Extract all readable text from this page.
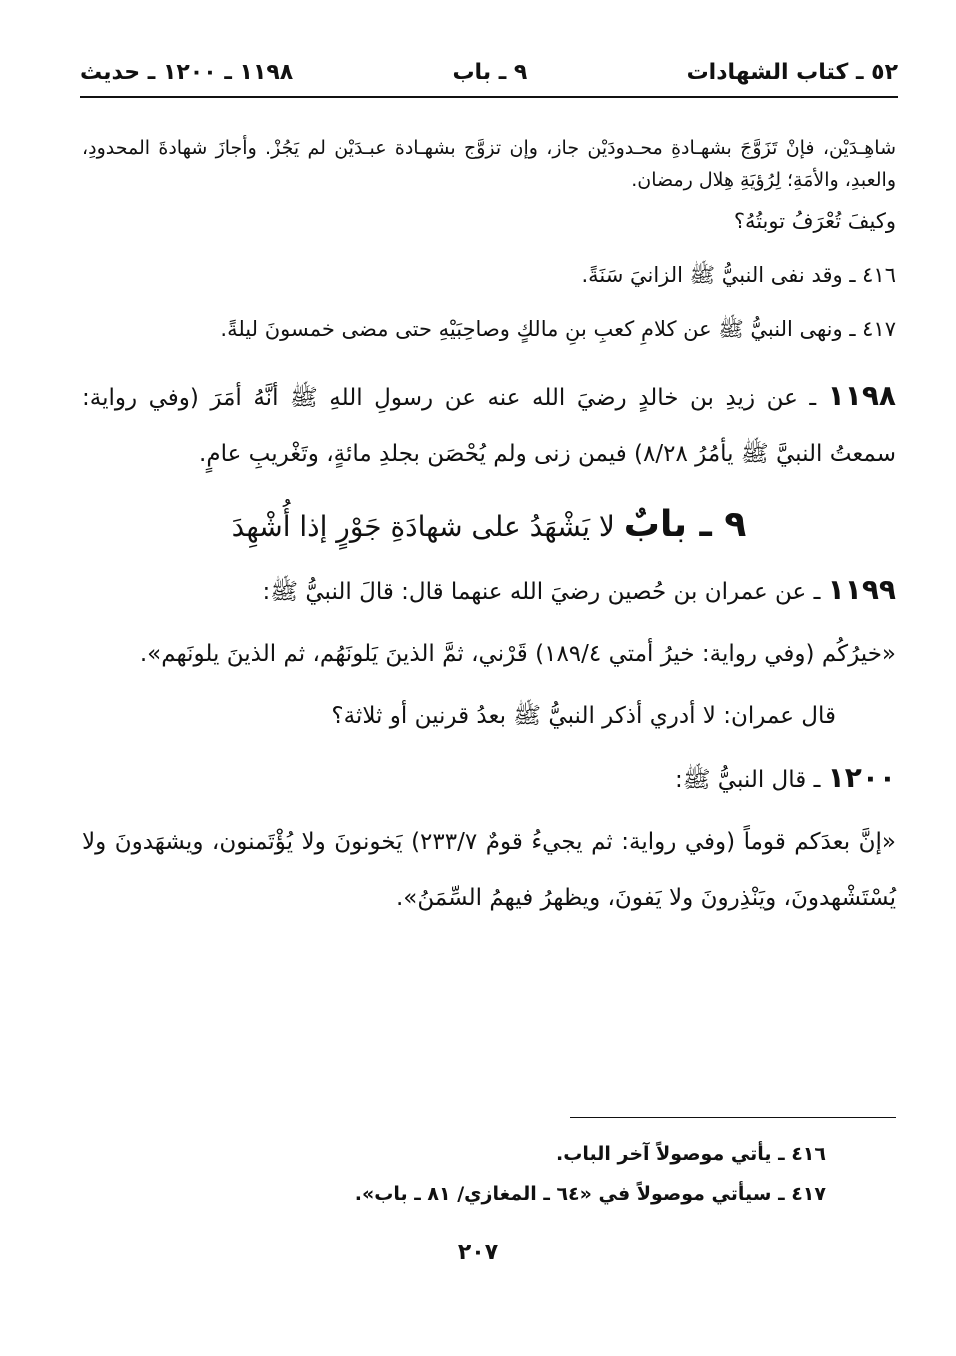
٥٢ ـ كتاب الشهادات
٩ ـ باب
١١٩٨ ـ ١٢٠٠ ـ حديث

شاهِـدَيْن، فإنْ تَزَوَّجَ بشهـادةِ محـدودَيْن جاز، وإن تزوَّج بشهـادة عبـدَيْن لم يَجُزْ. وأجازَ شهادةَ المحدودِ، والعبدِ، والأمَةِ؛ لِرُؤيَةِ هِلال رمضان.

وكيفَ تُعْرَفُ توبتُهُ؟

٤١٦ ـ وقد نفى النبيُّ ﷺ الزانيَ سَنَةً.

٤١٧ ـ ونهى النبيُّ ﷺ عن كلامِ كعبِ بنِ مالكٍ وصاحِبَيْهِ حتى مضى خمسونَ ليلةً.

١١٩٨ ـ عن زيدِ بن خالدٍ رضيَ الله عنه عن رسولِ اللهِ ﷺ أنَّهُ أمَرَ (وفي رواية: سمعتُ النبيَّ ﷺ يأمُرُ ٨/٢٨) فيمن زنى ولم يُحْصَن بجلدِ مائةٍ، وتَغْريبِ عامٍ.

٩ ـ بابٌ لا يَشْهَدُ على شهادَةِ جَوْرٍ إذا أُشْهِدَ

١١٩٩ ـ عن عمران بن حُصين رضيَ الله عنهما قال: قالَ النبيُّ ﷺ:

«خيرُكُم (وفي رواية: خيرُ أمتي ١٨٩/٤) قَرْني، ثمَّ الذينَ يَلونَهُم، ثم الذينَ يلونَهم».

قال عمران: لا أدري أذكر النبيُّ ﷺ بعدُ قرنين أو ثلاثة؟

١٢٠٠ ـ قال النبيُّ ﷺ:

«إنَّ بعدَكم قوماً (وفي رواية: ثم يجيءُ قومٌ ٢٣٣/٧) يَخونونَ ولا يُؤْتَمنون، ويشهَدونَ ولا يُسْتَشْهدونَ، ويَنْذِرونَ ولا يَفونَ، ويظهرُ فيهمُ السِّمَنُ».

٤١٦ ـ يأتي موصولاً آخر الباب.
٤١٧ ـ سيأتي موصولاً في «٦٤ ـ المغازي/ ٨١ ـ باب».
٢٠٧
